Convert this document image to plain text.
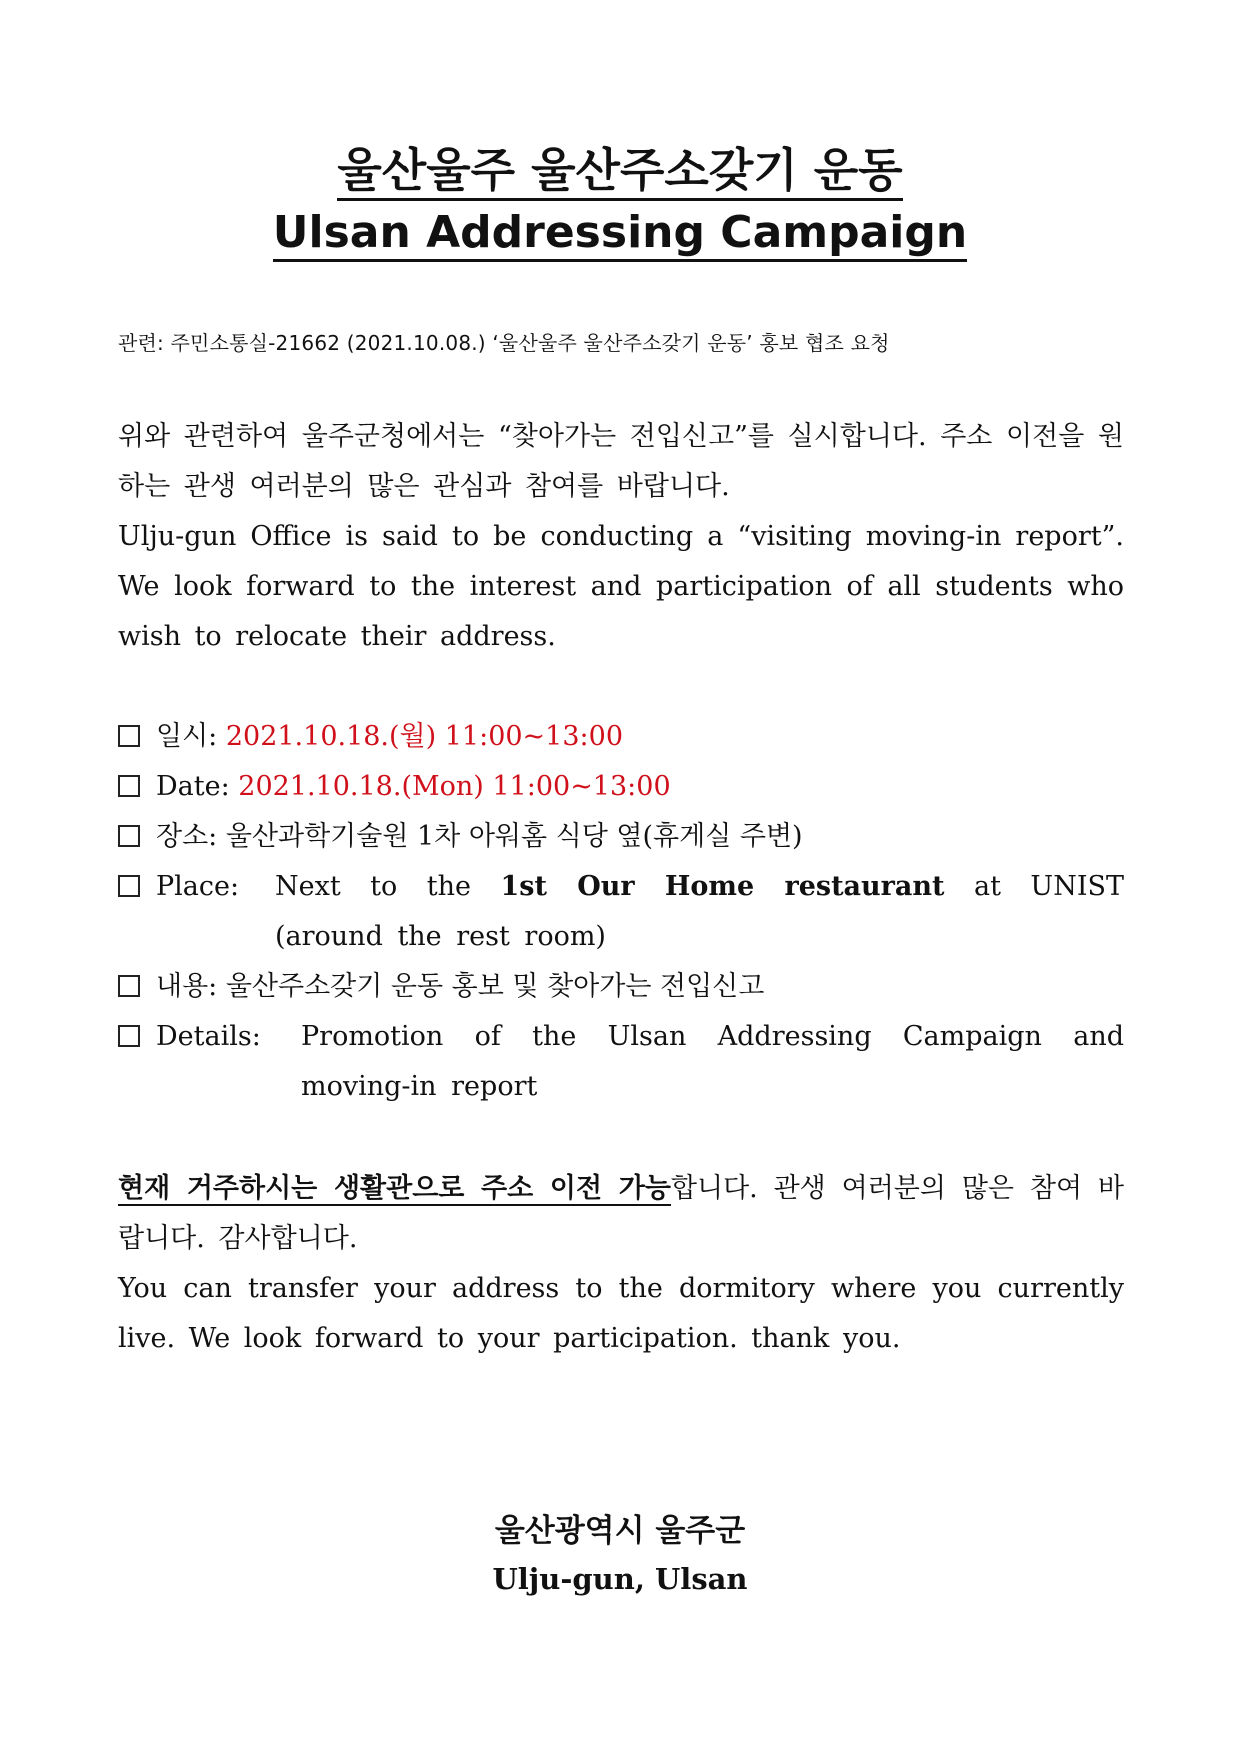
울산울주 울산주소갖기 운동
Ulsan Addressing Campaign
관련: 주민소통실-21662 (2021.10.08.) ‘울산울주 울산주소갖기 운동’ 홍보 협조 요청
위와 관련하여 울주군청에서는 “찾아가는 전입신고”를 실시합니다. 주소 이전을 원하는 관생 여러분의 많은 관심과 참여를 바랍니다.
Ulju-gun Office is said to be conducting a “visiting moving-in report”. We look forward to the interest and participation of all students who wish to relocate their address.
일시: 2021.10.18.(월) 11:00~13:00
Date: 2021.10.18.(Mon) 11:00~13:00
장소: 울산과학기술원 1차 아워홈 식당 옆(휴게실 주변)
Place:	Next to the 1st Our Home restaurant at UNIST (around the rest room)
내용: 울산주소갖기 운동 홍보 및 찾아가는 전입신고
Details:	Promotion of the Ulsan Addressing Campaign and moving-in report
현재 거주하시는 생활관으로 주소 이전 가능합니다. 관생 여러분의 많은 참여 바랍니다. 감사합니다.
You can transfer your address to the dormitory where you currently live. We look forward to your participation. thank you.
울산광역시 울주군
Ulju-gun, Ulsan
